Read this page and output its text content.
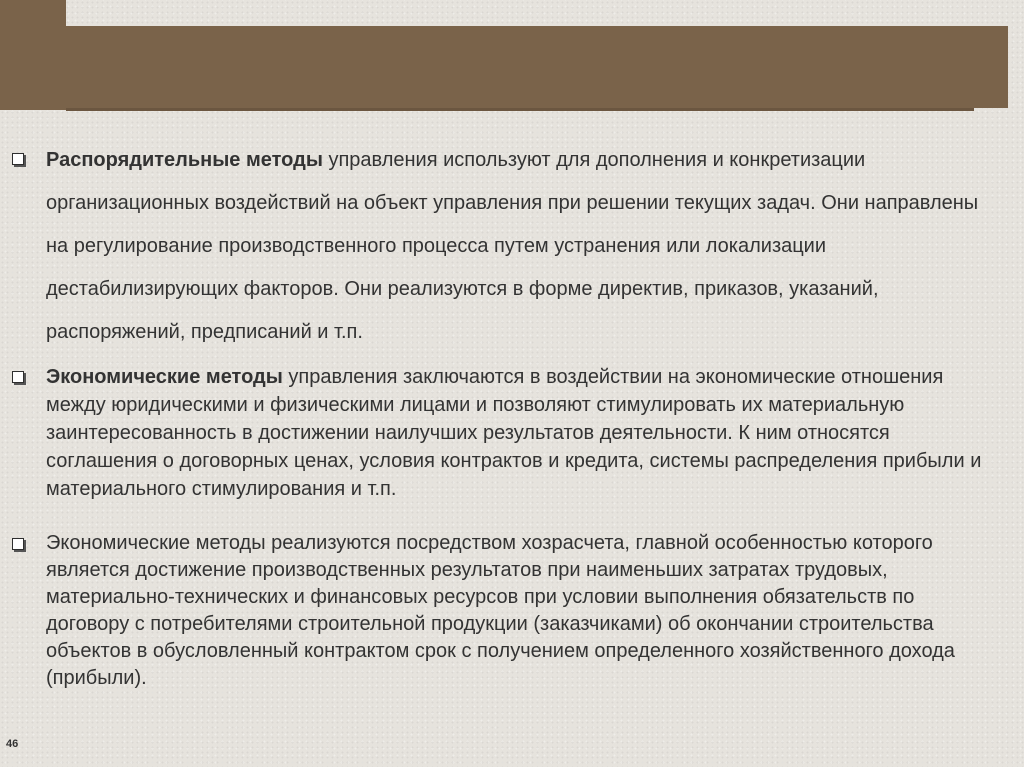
Распорядительные методы управления используют для дополнения и конкретизации организационных воздействий на объект управления при решении текущих задач. Они направлены на регулирование производственного процесса путем устранения или локализации дестабилизирующих факторов. Они реализуются в форме директив, приказов, указаний, распоряжений, предписаний и т.п.
Экономические методы управления заключаются в воздействии на экономические отношения между юридическими и физическими лицами и позволяют стимулировать их материальную заинтересованность в достижении наилучших результатов деятельности. К ним относятся соглашения о договорных ценах, условия контрактов и кредита, системы распределения прибыли и материального стимулирования и т.п.
Экономические методы реализуются посредством хозрасчета, главной особенностью которого является достижение производственных результатов при наименьших затратах трудовых, материально-технических и финансовых ресурсов при условии выполнения обязательств по договору с потребителями строительной продукции (заказчиками) об окончании строительства объектов в обусловленный контрактом срок с получением определенного хозяйственного дохода (прибыли).
46
